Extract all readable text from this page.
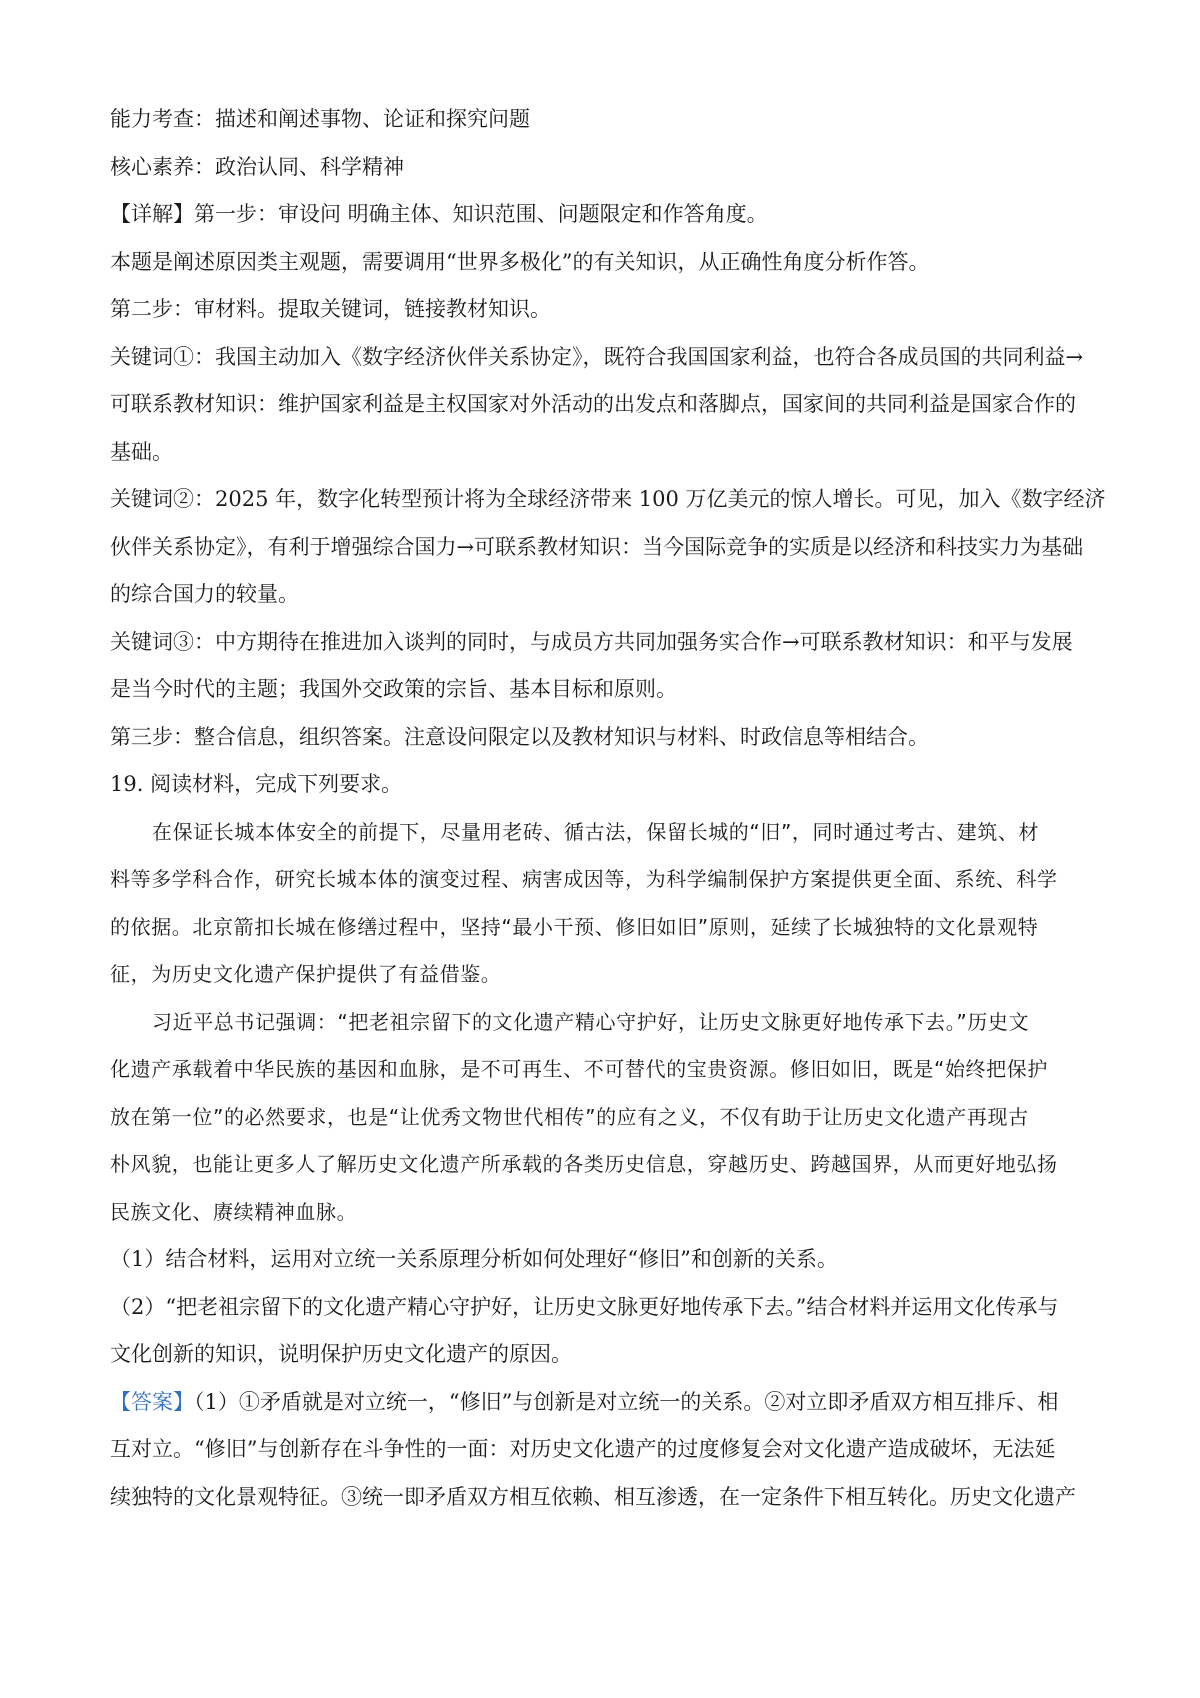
能力考查：描述和阐述事物、论证和探究问题

核心素养：政治认同、科学精神

【详解】第一步：审设问 明确主体、知识范围、问题限定和作答角度。

本题是阐述原因类主观题，需要调用“世界多极化”的有关知识，从正确性角度分析作答。

第二步：审材料。提取关键词，链接教材知识。

关键词①：我国主动加入《数字经济伙伴关系协定》，既符合我国国家利益，也符合各成员国的共同利益→

可联系教材知识：维护国家利益是主权国家对外活动的出发点和落脚点，国家间的共同利益是国家合作的

基础。

关键词②：2025 年，数字化转型预计将为全球经济带来 100 万亿美元的惊人增长。可见，加入《数字经济

伙伴关系协定》，有利于增强综合国力→可联系教材知识：当今国际竞争的实质是以经济和科技实力为基础

的综合国力的较量。

关键词③：中方期待在推进加入谈判的同时，与成员方共同加强务实合作→可联系教材知识：和平与发展

是当今时代的主题；我国外交政策的宗旨、基本目标和原则。

第三步：整合信息，组织答案。注意设问限定以及教材知识与材料、时政信息等相结合。

19. 阅读材料，完成下列要求。

在保证长城本体安全的前提下，尽量用老砖、循古法，保留长城的“旧”，同时通过考古、建筑、材

料等多学科合作，研究长城本体的演变过程、病害成因等，为科学编制保护方案提供更全面、系统、科学

的依据。北京箭扣长城在修缮过程中，坚持“最小干预、修旧如旧”原则，延续了长城独特的文化景观特

征，为历史文化遗产保护提供了有益借鉴。

习近平总书记强调：“把老祖宗留下的文化遗产精心守护好，让历史文脉更好地传承下去。”历史文

化遗产承载着中华民族的基因和血脉，是不可再生、不可替代的宝贵资源。修旧如旧，既是“始终把保护

放在第一位”的必然要求，也是“让优秀文物世代相传”的应有之义，不仅有助于让历史文化遗产再现古

朴风貌，也能让更多人了解历史文化遗产所承载的各类历史信息，穿越历史、跨越国界，从而更好地弘扬

民族文化、赓续精神血脉。

（1）结合材料，运用对立统一关系原理分析如何处理好“修旧”和创新的关系。

（2）“把老祖宗留下的文化遗产精心守护好，让历史文脉更好地传承下去。”结合材料并运用文化传承与

文化创新的知识，说明保护历史文化遗产的原因。

【答案】（1）①矛盾就是对立统一，“修旧”与创新是对立统一的关系。②对立即矛盾双方相互排斥、相

互对立。“修旧”与创新存在斗争性的一面：对历史文化遗产的过度修复会对文化遗产造成破坏，无法延

续独特的文化景观特征。③统一即矛盾双方相互依赖、相互渗透，在一定条件下相互转化。历史文化遗产
